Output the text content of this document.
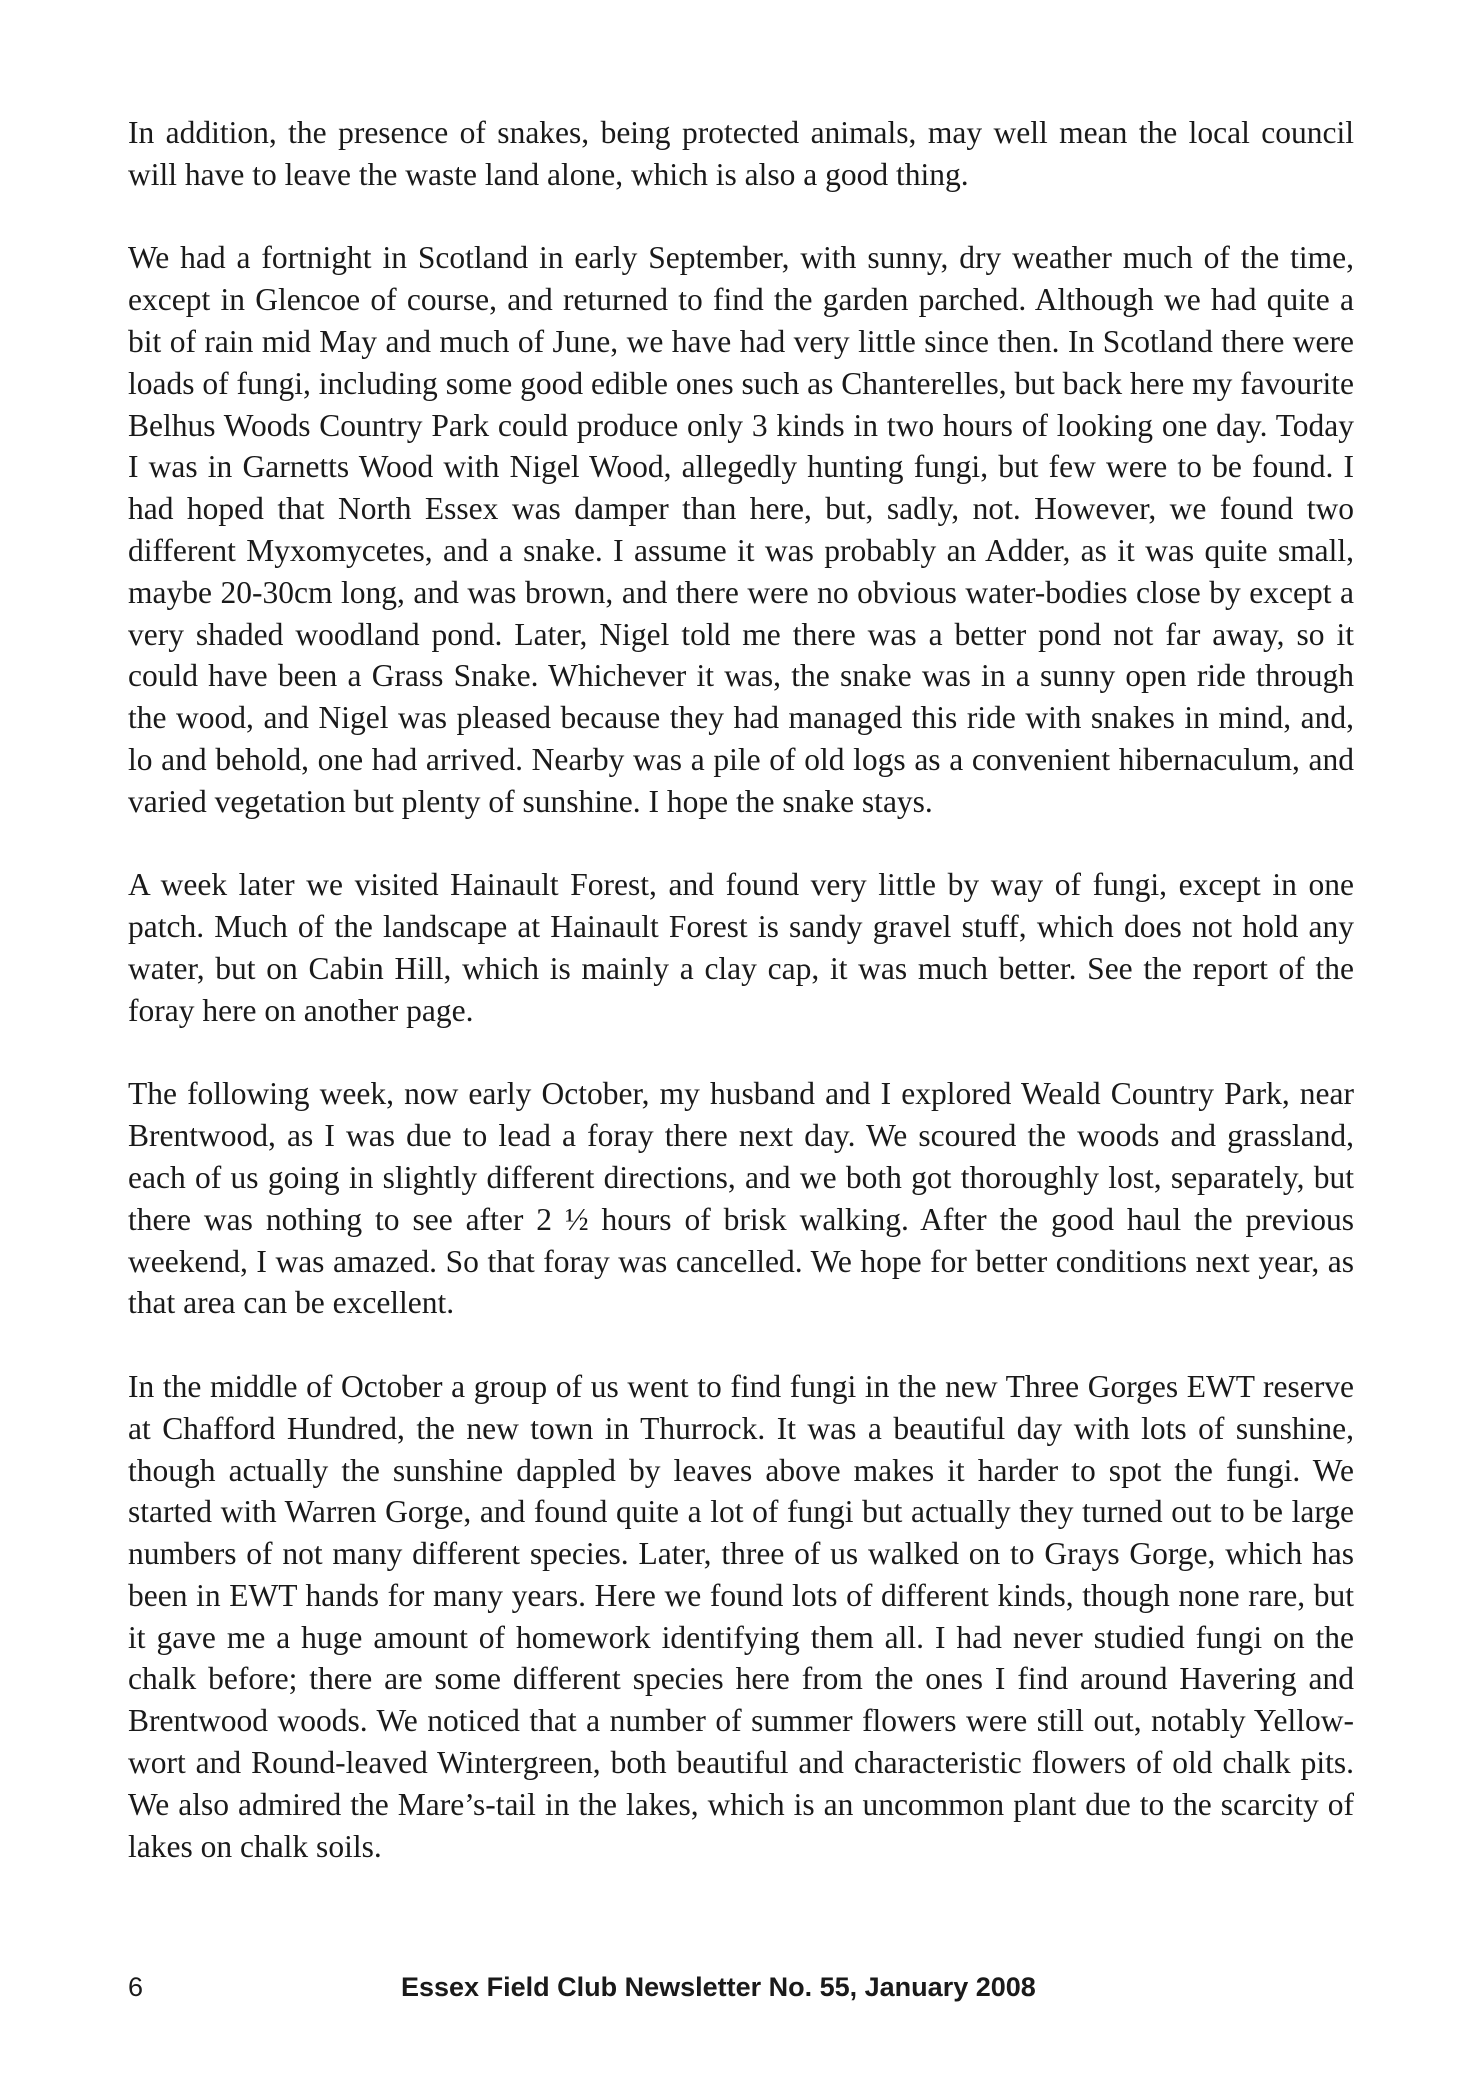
In addition, the presence of snakes, being protected animals, may well mean the local council will have to leave the waste land alone, which is also a good thing.

We had a fortnight in Scotland in early September, with sunny, dry weather much of the time, except in Glencoe of course, and returned to find the garden parched. Although we had quite a bit of rain mid May and much of June, we have had very little since then. In Scotland there were loads of fungi, including some good edible ones such as Chanterelles, but back here my favourite Belhus Woods Country Park could produce only 3 kinds in two hours of looking one day. Today I was in Garnetts Wood with Nigel Wood, allegedly hunting fungi, but few were to be found. I had hoped that North Essex was damper than here, but, sadly, not. However, we found two different Myxomycetes, and a snake. I assume it was probably an Adder, as it was quite small, maybe 20-30cm long, and was brown, and there were no obvious water-bodies close by except a very shaded woodland pond. Later, Nigel told me there was a better pond not far away, so it could have been a Grass Snake. Whichever it was, the snake was in a sunny open ride through the wood, and Nigel was pleased because they had managed this ride with snakes in mind, and, lo and behold, one had arrived. Nearby was a pile of old logs as a convenient hibernaculum, and varied vegetation but plenty of sunshine. I hope the snake stays.

A week later we visited Hainault Forest, and found very little by way of fungi, except in one patch. Much of the landscape at Hainault Forest is sandy gravel stuff, which does not hold any water, but on Cabin Hill, which is mainly a clay cap, it was much better. See the report of the foray here on another page.

The following week, now early October, my husband and I explored Weald Country Park, near Brentwood, as I was due to lead a foray there next day. We scoured the woods and grassland, each of us going in slightly different directions, and we both got thoroughly lost, separately, but there was nothing to see after 2 ½ hours of brisk walking. After the good haul the previous weekend, I was amazed. So that foray was cancelled. We hope for better conditions next year, as that area can be excellent.

In the middle of October a group of us went to find fungi in the new Three Gorges EWT reserve at Chafford Hundred, the new town in Thurrock. It was a beautiful day with lots of sunshine, though actually the sunshine dappled by leaves above makes it harder to spot the fungi. We started with Warren Gorge, and found quite a lot of fungi but actually they turned out to be large numbers of not many different species. Later, three of us walked on to Grays Gorge, which has been in EWT hands for many years. Here we found lots of different kinds, though none rare, but it gave me a huge amount of homework identifying them all. I had never studied fungi on the chalk before; there are some different species here from the ones I find around Havering and Brentwood woods. We noticed that a number of summer flowers were still out, notably Yellow-wort and Round-leaved Wintergreen, both beautiful and characteristic flowers of old chalk pits. We also admired the Mare’s-tail in the lakes, which is an uncommon plant due to the scarcity of lakes on chalk soils.

6	Essex Field Club Newsletter No. 55, January 2008
